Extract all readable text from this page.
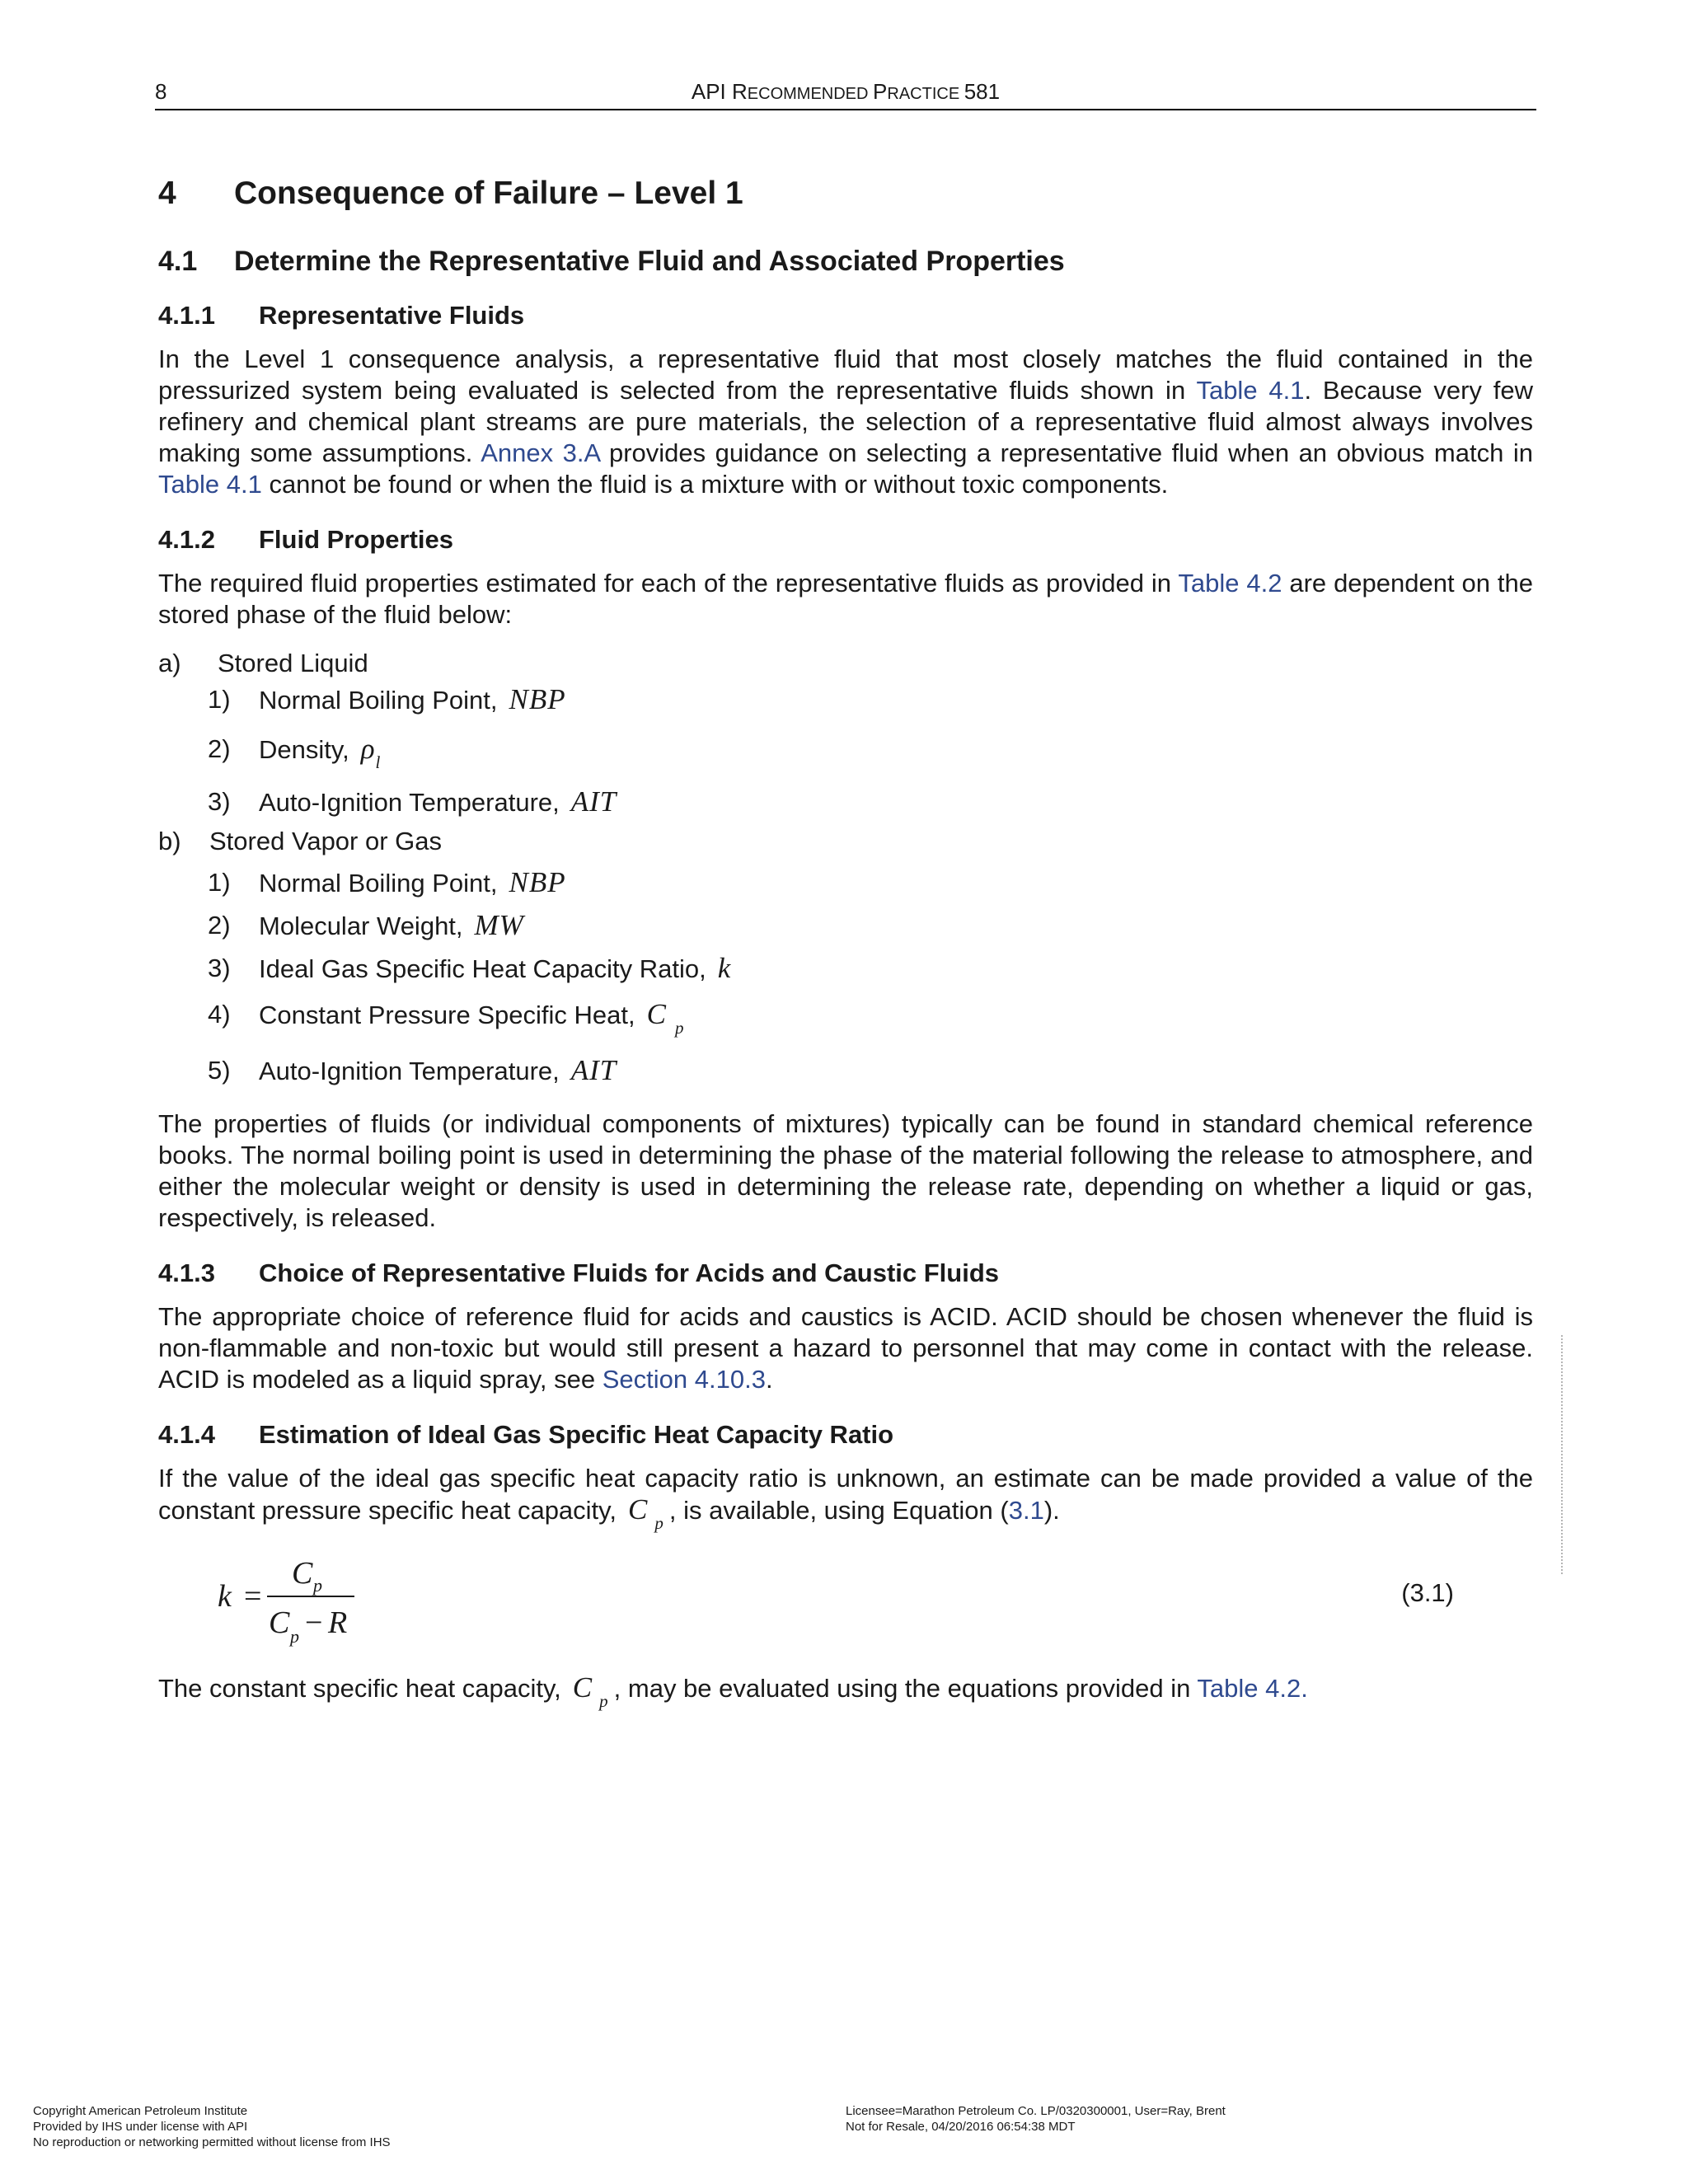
8	API RECOMMENDED PRACTICE 581
4 Consequence of Failure – Level 1
4.1 Determine the Representative Fluid and Associated Properties
4.1.1 Representative Fluids

In the Level 1 consequence analysis, a representative fluid that most closely matches the fluid contained in the pressurized system being evaluated is selected from the representative fluids shown in Table 4.1. Because very few refinery and chemical plant streams are pure materials, the selection of a representative fluid almost always involves making some assumptions. Annex 3.A provides guidance on selecting a representative fluid when an obvious match in Table 4.1 cannot be found or when the fluid is a mixture with or without toxic components.

4.1.2 Fluid Properties

The required fluid properties estimated for each of the representative fluids as provided in Table 4.2 are dependent on the stored phase of the fluid below:

a) Stored Liquid
1) Normal Boiling Point, NBP
2) Density, $\rho_l$
3) Auto-Ignition Temperature, AIT
b) Stored Vapor or Gas
1) Normal Boiling Point, NBP
2) Molecular Weight, MW
3) Ideal Gas Specific Heat Capacity Ratio, k
4) Constant Pressure Specific Heat, C $_p$
5) Auto-Ignition Temperature, AIT

The properties of fluids (or individual components of mixtures) typically can be found in standard chemical reference books. The normal boiling point is used in determining the phase of the material following the release to atmosphere, and either the molecular weight or density is used in determining the release rate, depending on whether a liquid or gas, respectively, is released.

4.1.3 Choice of Representative Fluids for Acids and Caustic Fluids

The appropriate choice of reference fluid for acids and caustics is ACID. ACID should be chosen whenever the fluid is non-flammable and non-toxic but would still present a hazard to personnel that may come in contact with the release. ACID is modeled as a liquid spray, see Section 4.10.3.

4.1.4 Estimation of Ideal Gas Specific Heat Capacity Ratio

If the value of the ideal gas specific heat capacity ratio is unknown, an estimate can be made provided a value of the constant pressure specific heat capacity, C $_p$ , is available, using Equation (3.1).

k =
C p
C p − R
(3.1)

The constant specific heat capacity, C $_p$ , may be evaluated using the equations provided in Table 4.2.

Copyright American Petroleum Institute
Provided by IHS under license with API
No reproduction or networking permitted without license from IHS
Licensee=Marathon Petroleum Co. LP/0320300001, User=Ray, Brent
Not for Resale, 04/20/2016 06:54:38 MDT
